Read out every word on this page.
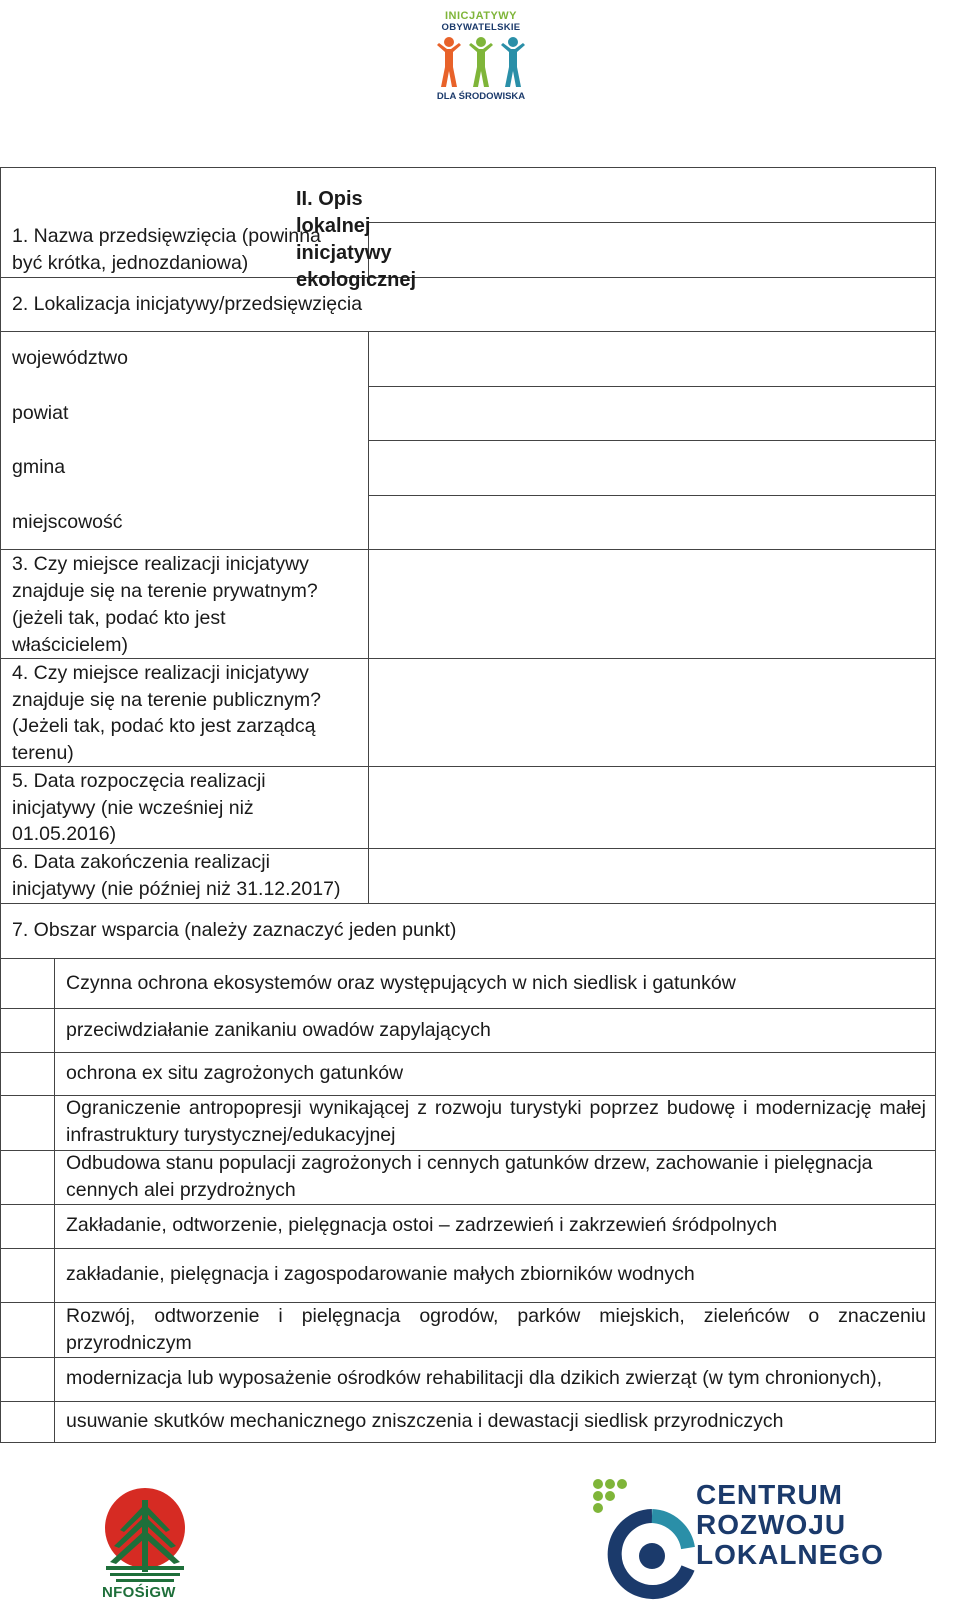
INICJATYWY
OBYWATELSKIE
DLA ŚRODOWISKA
II. Opis lokalnej inicjatywy ekologicznej
1. Nazwa przedsięwzięcia (powinna
być krótka, jednozdaniowa)
2. Lokalizacja inicjatywy/przedsięwzięcia
województwo
powiat
gmina
miejscowość
3. Czy miejsce realizacji inicjatywy
znajduje się na terenie prywatnym?
(jeżeli tak, podać kto jest
właścicielem)
4. Czy miejsce realizacji inicjatywy
znajduje się na terenie publicznym?
(Jeżeli tak, podać kto jest zarządcą
terenu)
5. Data rozpoczęcia realizacji
inicjatywy (nie wcześniej niż
01.05.2016)
6. Data zakończenia realizacji
inicjatywy (nie później niż 31.12.2017)
7. Obszar wsparcia (należy zaznaczyć jeden punkt)
Czynna ochrona ekosystemów oraz występujących w nich siedlisk i gatunków
przeciwdziałanie zanikaniu owadów zapylających
ochrona ex situ zagrożonych gatunków
Ograniczenie antropopresji wynikającej z rozwoju turystyki poprzez budowę i modernizację małej infrastruktury turystycznej/edukacyjnej
Odbudowa stanu populacji zagrożonych i cennych gatunków drzew, zachowanie i pielęgnacja cennych alei przydrożnych
Zakładanie, odtworzenie, pielęgnacja ostoi – zadrzewień i zakrzewień śródpolnych
zakładanie, pielęgnacja i zagospodarowanie małych zbiorników wodnych
Rozwój, odtworzenie i pielęgnacja ogrodów, parków miejskich, zieleńców o znaczeniu przyrodniczym
modernizacja lub wyposażenie ośrodków rehabilitacji dla dzikich zwierząt (w tym chronionych),
usuwanie skutków mechanicznego zniszczenia i dewastacji siedlisk przyrodniczych
NFOŚiGW
CENTRUM
ROZWOJU
LOKALNEGO
